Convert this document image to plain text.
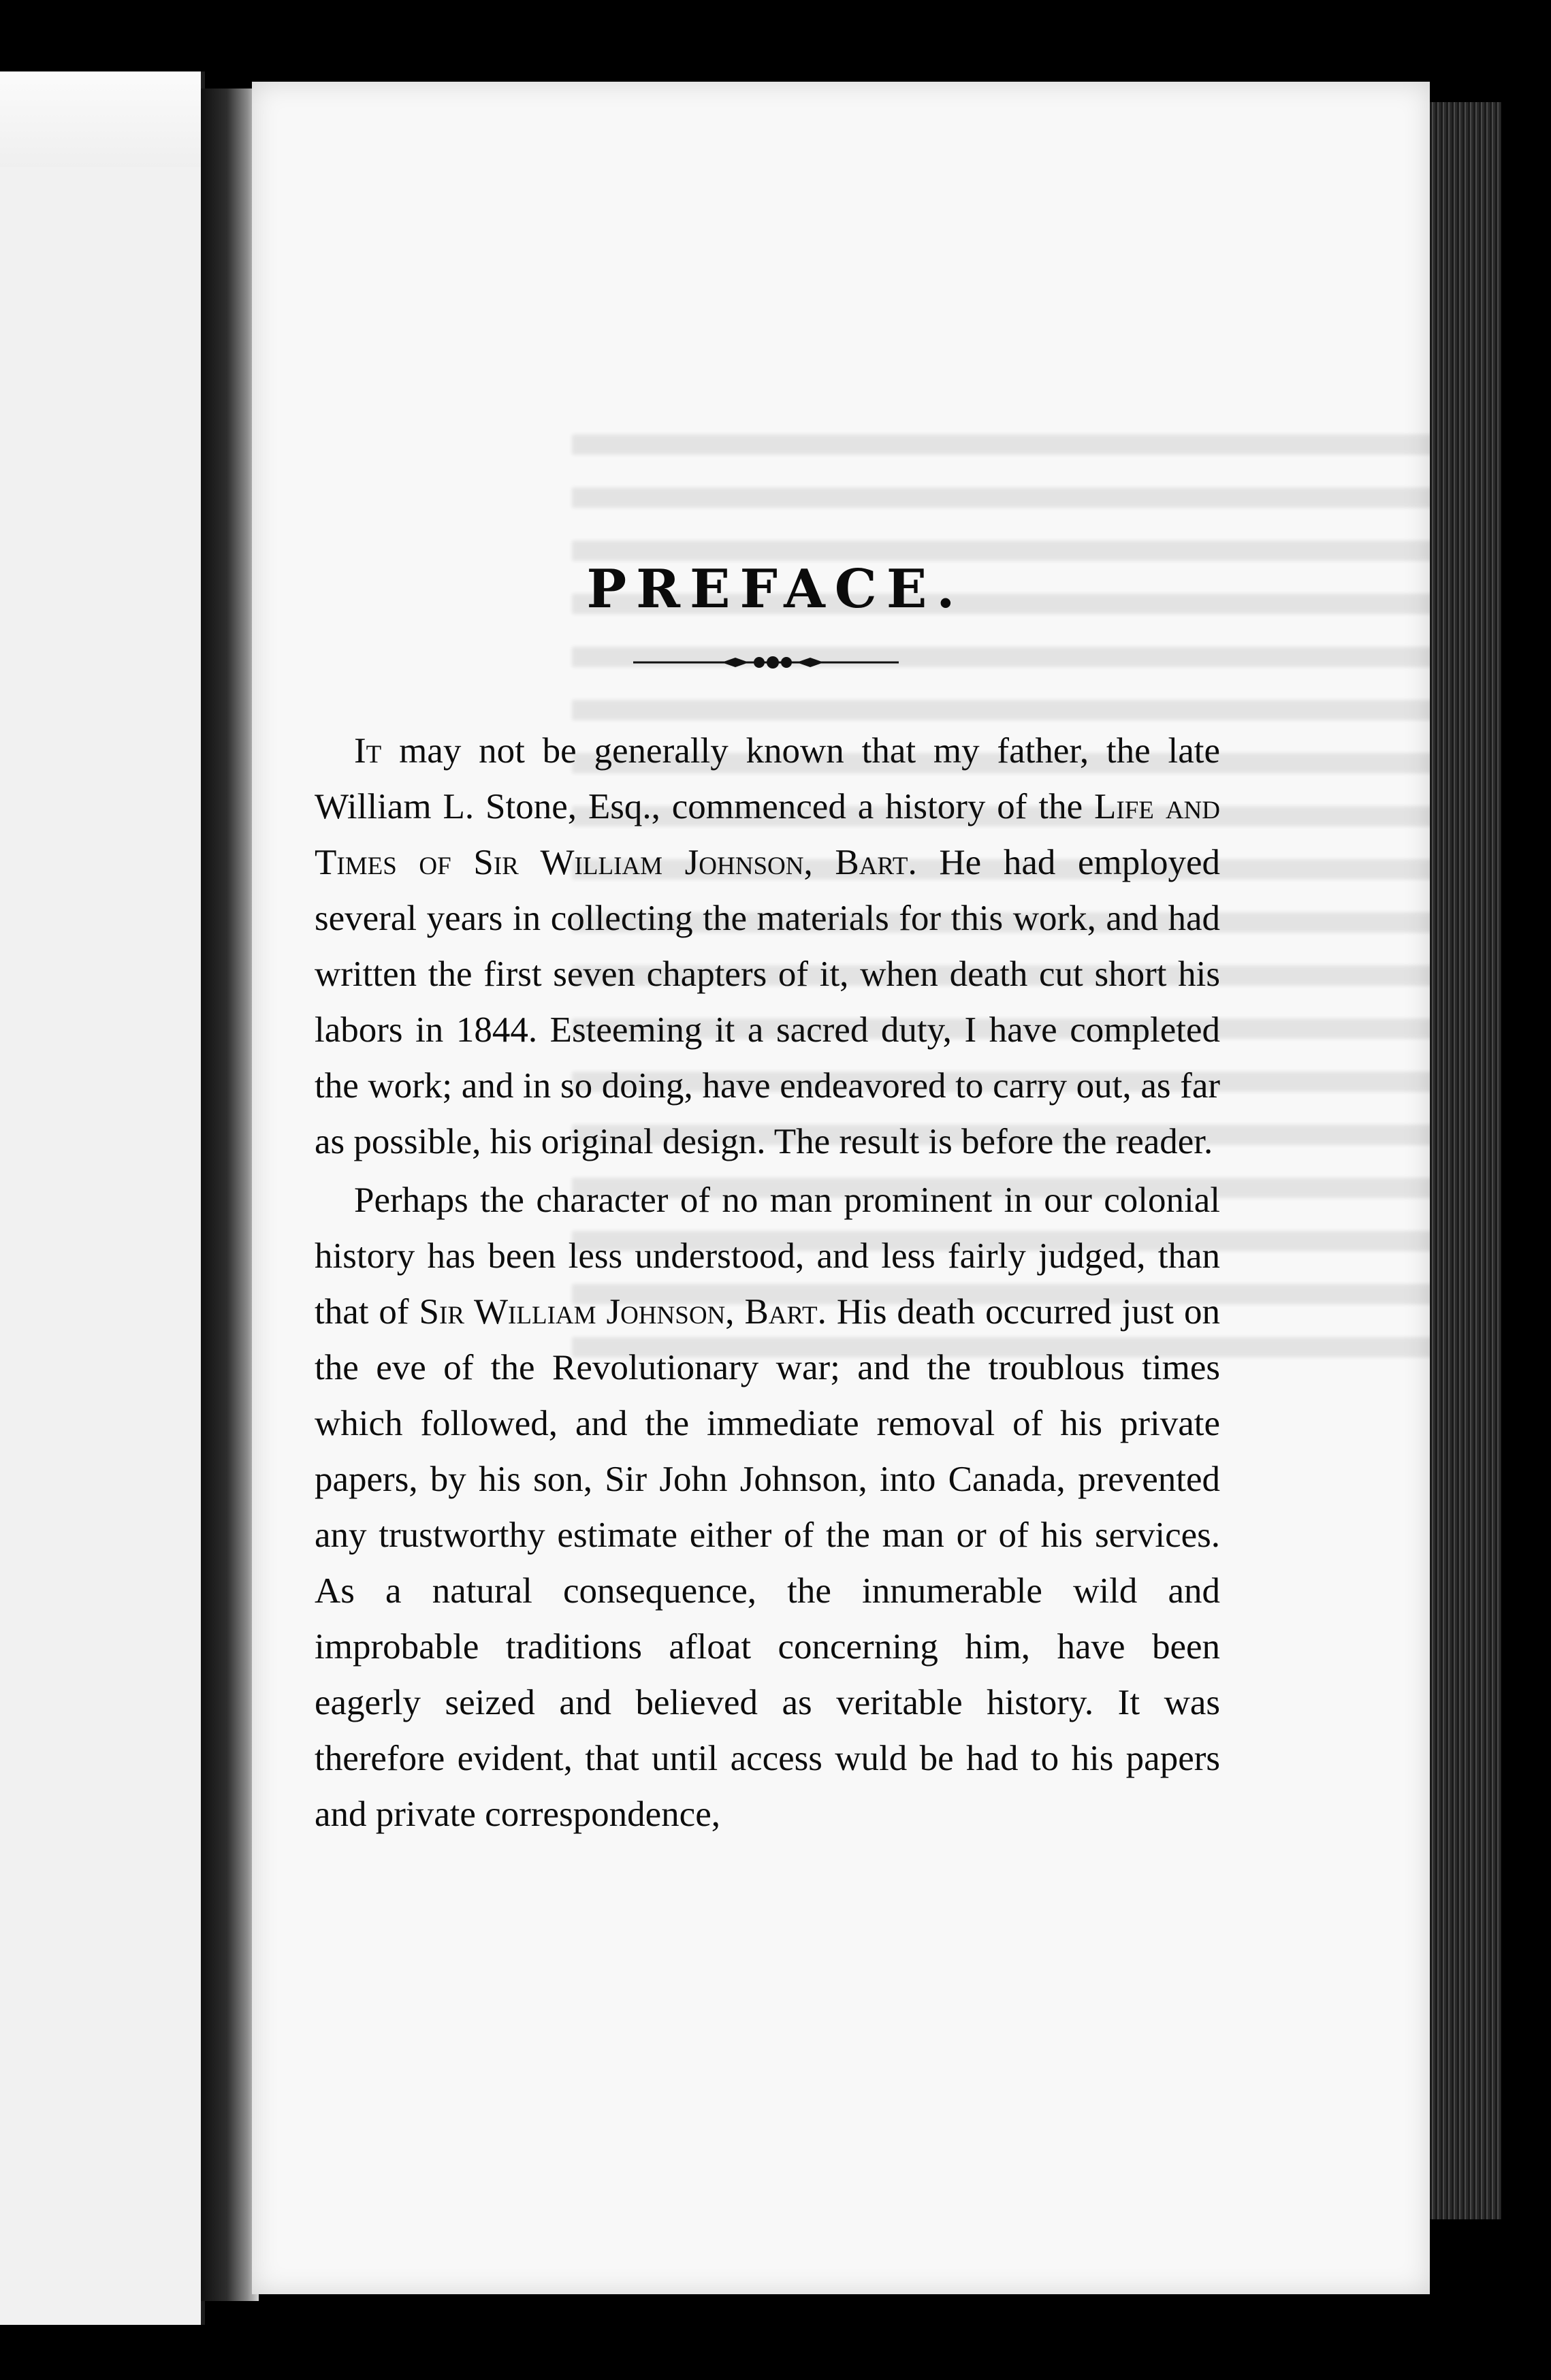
PREFACE.

It may not be generally known that my father, the late William L. Stone, Esq., commenced a history of the Life and Times of Sir William Johnson, Bart. He had employed several years in collecting the materials for this work, and had written the first seven chapters of it, when death cut short his labors in 1844. Esteeming it a sacred duty, I have completed the work; and in so doing, have endeavored to carry out, as far as possible, his original design. The result is before the reader.

Perhaps the character of no man prominent in our colonial history has been less understood, and less fairly judged, than that of Sir William Johnson, Bart. His death occurred just on the eve of the Revolutionary war; and the troublous times which followed, and the immediate removal of his private papers, by his son, Sir John Johnson, into Canada, prevented any trustworthy estimate either of the man or of his services. As a natural consequence, the innumerable wild and improbable traditions afloat concerning him, have been eagerly seized and believed as veritable history. It was therefore evident, that until access wuld be had to his papers and private correspondence,
